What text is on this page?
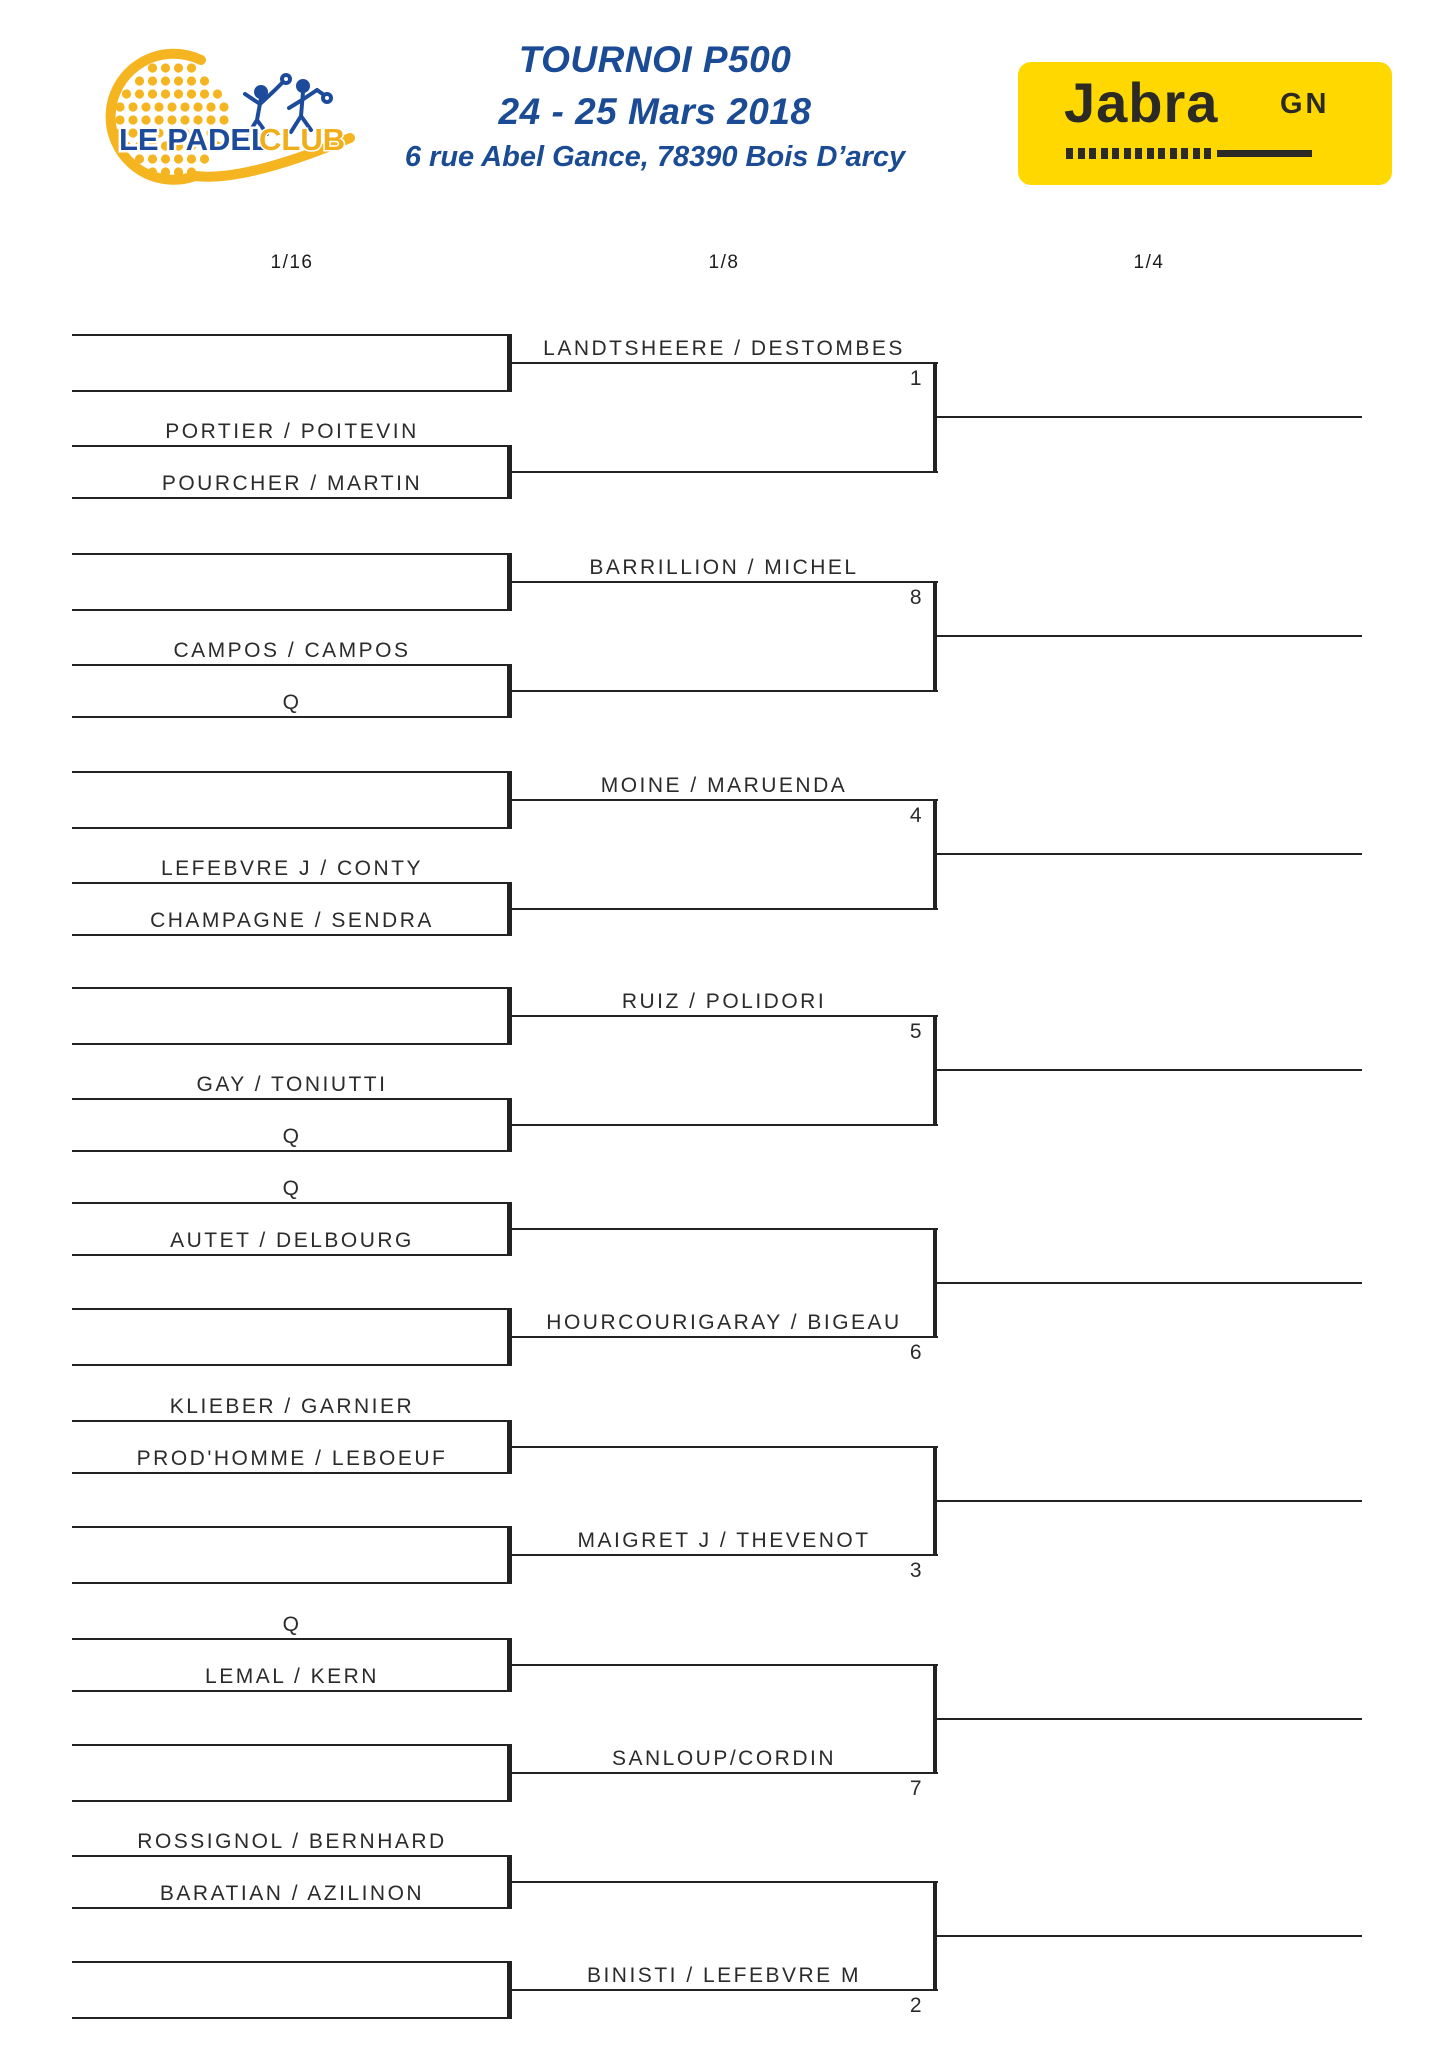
LE PADEL
CLUB
TOURNOI P500
24 - 25 Mars 2018
6 rue Abel Gance, 78390 Bois D’arcy
Jabra GN
1/16	1/8	1/4
LANDTSHEERE / DESTOMBES
1
PORTIER / POITEVIN
POURCHER / MARTIN
BARRILLION / MICHEL
8
CAMPOS / CAMPOS
Q
MOINE / MARUENDA
4
LEFEBVRE J / CONTY
CHAMPAGNE / SENDRA
RUIZ / POLIDORI
5
GAY / TONIUTTI
Q
Q
AUTET / DELBOURG
HOURCOURIGARAY / BIGEAU
6
KLIEBER / GARNIER
PROD'HOMME / LEBOEUF
MAIGRET J / THEVENOT
3
Q
LEMAL / KERN
SANLOUP/CORDIN
7
ROSSIGNOL / BERNHARD
BARATIAN / AZILINON
BINISTI / LEFEBVRE M
2
